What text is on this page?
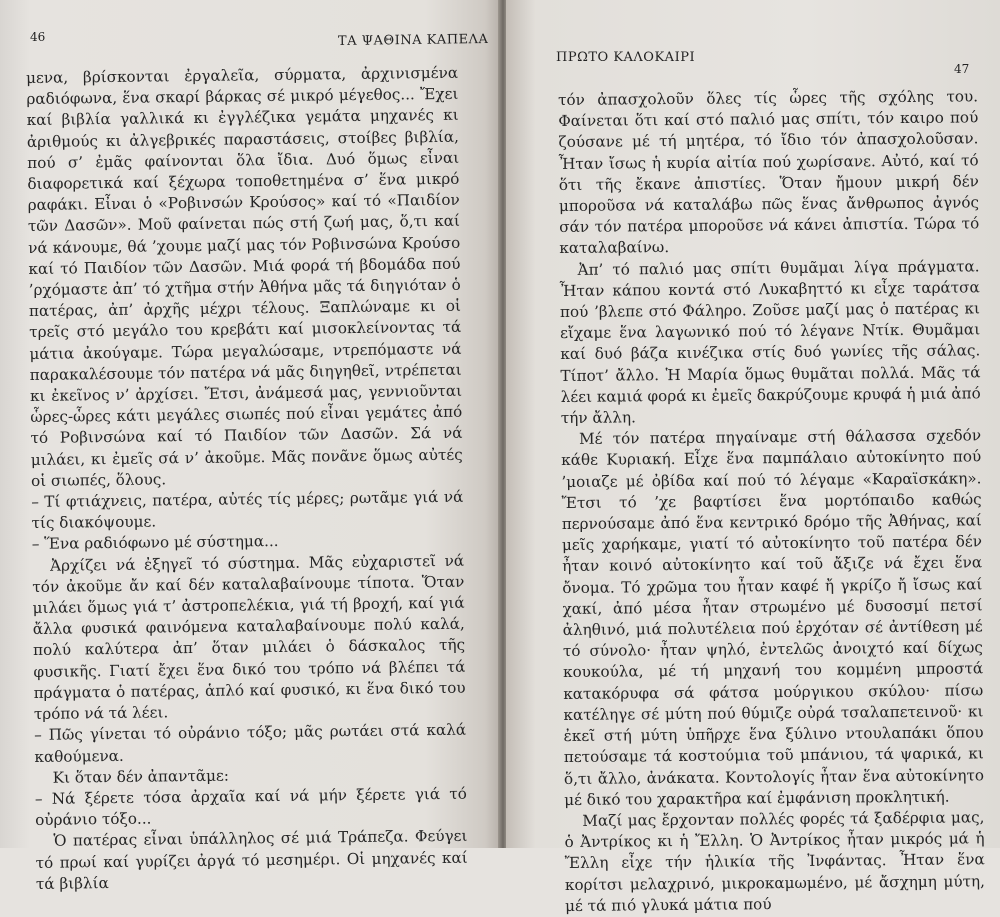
46	ΤΑ ΨΑΘΙΝΑ ΚΑΠΕΛΑ

μενα, βρίσκονται ἐργαλεῖα, σύρματα, ἀρχινισμένα ραδιόφωνα, ἕνα σκαρί βάρκας σέ μικρό μέγεθος... Ἔχει καί βιβλία γαλλικά κι ἐγγλέζικα γεμάτα μηχανές κι ἀριθμούς κι ἀλγεβρικές παραστάσεις, στοίβες βιβλία, πού σ’ ἐμᾶς φαίνονται ὅλα ἴδια. Δυό ὅμως εἶναι διαφορετικά καί ξέχωρα τοποθετημένα σ’ ἕνα μικρό ραφάκι. Εἶναι ὁ «Ροβινσών Κρούσος» καί τό «Παιδίον τῶν Δασῶν». Μοῦ φαίνεται πώς στή ζωή μας, ὅ,τι καί νά κάνουμε, θά ’χουμε μαζί μας τόν Ροβινσώνα Κρούσο καί τό Παιδίον τῶν Δασῶν. Μιά φορά τή βδομάδα πού ’ρχόμαστε ἀπ’ τό χτῆμα στήν Ἀθήνα μᾶς τά διηγιόταν ὁ πατέρας, ἀπ’ ἀρχῆς μέχρι τέλους. Ξαπλώναμε κι οἱ τρεῖς στό μεγάλο του κρεβάτι καί μισοκλείνοντας τά μάτια ἀκούγαμε. Τώρα μεγαλώσαμε, ντρεπόμαστε νά παρακαλέσουμε τόν πατέρα νά μᾶς διηγηθεῖ, ντρέπεται κι ἐκεῖνος ν’ ἀρχίσει. Ἔτσι, ἀνάμεσά μας, γεννιοῦνται ὧρες-ὧρες κάτι μεγάλες σιωπές πού εἶναι γεμάτες ἀπό τό Ροβινσώνα καί τό Παιδίον τῶν Δασῶν. Σά νά μιλάει, κι ἐμεῖς σά ν’ ἀκοῦμε. Μᾶς πονᾶνε ὅμως αὐτές οἱ σιωπές, ὅλους.

– Τί φτιάχνεις, πατέρα, αὐτές τίς μέρες; ρωτᾶμε γιά νά τίς διακόψουμε.

– Ἕνα ραδιόφωνο μέ σύστημα...

Ἀρχίζει νά ἐξηγεῖ τό σύστημα. Μᾶς εὐχαριστεῖ νά τόν ἀκοῦμε ἄν καί δέν καταλαβαίνουμε τίποτα. Ὅταν μιλάει ὅμως γιά τ’ ἀστροπελέκια, γιά τή βροχή, καί γιά ἄλλα φυσικά φαινόμενα καταλαβαίνουμε πολύ καλά, πολύ καλύτερα ἀπ’ ὅταν μιλάει ὁ δάσκαλος τῆς φυσικῆς. Γιατί ἔχει ἕνα δικό του τρόπο νά βλέπει τά πράγματα ὁ πατέρας, ἁπλό καί φυσικό, κι ἕνα δικό του τρόπο νά τά λέει.

– Πῶς γίνεται τό οὐράνιο τόξο; μᾶς ρωτάει στά καλά καθούμενα.

Κι ὅταν δέν ἀπαντᾶμε:

– Νά ξέρετε τόσα ἀρχαῖα καί νά μήν ξέρετε γιά τό οὐράνιο τόξο...

Ὁ πατέρας εἶναι ὑπάλληλος σέ μιά Τράπεζα. Φεύγει τό πρωί καί γυρίζει ἀργά τό μεσημέρι. Οἱ μηχανές καί τά βιβλία

ΠΡΩΤΟ ΚΑΛΟΚΑΙΡΙ
47

τόν ἀπασχολοῦν ὅλες τίς ὧρες τῆς σχόλης του. Φαίνεται ὅτι καί στό παλιό μας σπίτι, τόν καιρο πού ζούσανε μέ τή μητέρα, τό ἴδιο τόν ἀπασχολοῦσαν. Ἦταν ἴσως ἡ κυρία αἰτία πού χωρίσανε. Αὐτό, καί τό ὅτι τῆς ἔκανε ἀπιστίες. Ὅταν ἤμουν μικρή δέν μποροῦσα νά καταλάβω πῶς ἕνας ἄνθρωπος ἀγνός σάν τόν πατέρα μποροῦσε νά κάνει ἀπιστία. Τώρα τό καταλαβαίνω.

Ἀπ’ τό παλιό μας σπίτι θυμᾶμαι λίγα πράγματα. Ἦταν κάπου κοντά στό Λυκαβηττό κι εἶχε ταράτσα πού ’βλεπε στό Φάληρο. Ζοῦσε μαζί μας ὁ πατέρας κι εἴχαμε ἕνα λαγωνικό πού τό λέγανε Ντίκ. Θυμᾶμαι καί δυό βάζα κινέζικα στίς δυό γωνίες τῆς σάλας. Τίποτ’ ἄλλο. Ἡ Μαρία ὅμως θυμᾶται πολλά. Μᾶς τά λέει καμιά φορά κι ἐμεῖς δακρύζουμε κρυφά ἡ μιά ἀπό τήν ἄλλη.

Μέ τόν πατέρα πηγαίναμε στή θάλασσα σχεδόν κάθε Κυριακή. Εἶχε ἕνα παμπάλαιο αὐτοκίνητο πού ’μοιαζε μέ ὀβίδα καί πού τό λέγαμε «Καραϊσκάκη». Ἔτσι τό ’χε βαφτίσει ἕνα μορτόπαιδο καθώς περνούσαμε ἀπό ἕνα κεντρικό δρόμο τῆς Ἀθήνας, καί μεῖς χαρήκαμε, γιατί τό αὐτοκίνητο τοῦ πατέρα δέν ἦταν κοινό αὐτοκίνητο καί τοῦ ἄξιζε νά ἔχει ἕνα ὄνομα. Τό χρῶμα του ἦταν καφέ ἤ γκρίζο ἤ ἴσως καί χακί, ἀπό μέσα ἦταν στρωμένο μέ δυσοσμί πετσί ἀληθινό, μιά πολυτέλεια πού ἐρχόταν σέ ἀντίθεση μέ τό σύνολο· ἦταν ψηλό, ἐντελῶς ἀνοιχτό καί δίχως κουκούλα, μέ τή μηχανή του κομμένη μπροστά κατακόρυφα σά φάτσα μούργικου σκύλου· πίσω κατέληγε σέ μύτη πού θύμιζε οὐρά τσαλαπετεινοῦ· κι ἐκεῖ στή μύτη ὑπῆρχε ἕνα ξύλινο ντουλαπάκι ὅπου πετούσαμε τά κοστούμια τοῦ μπάνιου, τά ψαρικά, κι ὅ,τι ἄλλο, ἀνάκατα. Κοντολογίς ἦταν ἕνα αὐτοκίνητο μέ δικό του χαρακτῆρα καί ἐμφάνιση προκλητική.

Μαζί μας ἔρχονταν πολλές φορές τά ξαδέρφια μας, ὁ Ἀντρίκος κι ἡ Ἔλλη. Ὁ Ἀντρίκος ἦταν μικρός μά ἡ Ἔλλη εἶχε τήν ἡλικία τῆς Ἰνφάντας. Ἦταν ἕνα κορίτσι μελαχρινό, μικροκαμωμένο, μέ ἄσχημη μύτη, μέ τά πιό γλυκά μάτια πού
